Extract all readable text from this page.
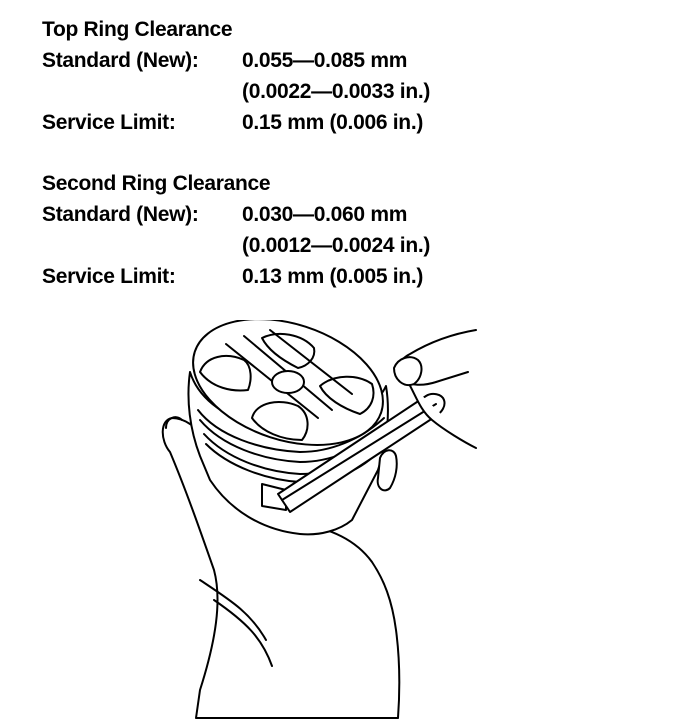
Top Ring Clearance
Standard (New):	0.055—0.085 mm
(0.0022—0.0033 in.)
Service Limit:	0.15 mm (0.006 in.)
Second Ring Clearance
Standard (New):	0.030—0.060 mm
(0.0012—0.0024 in.)
Service Limit:	0.13 mm (0.005 in.)
